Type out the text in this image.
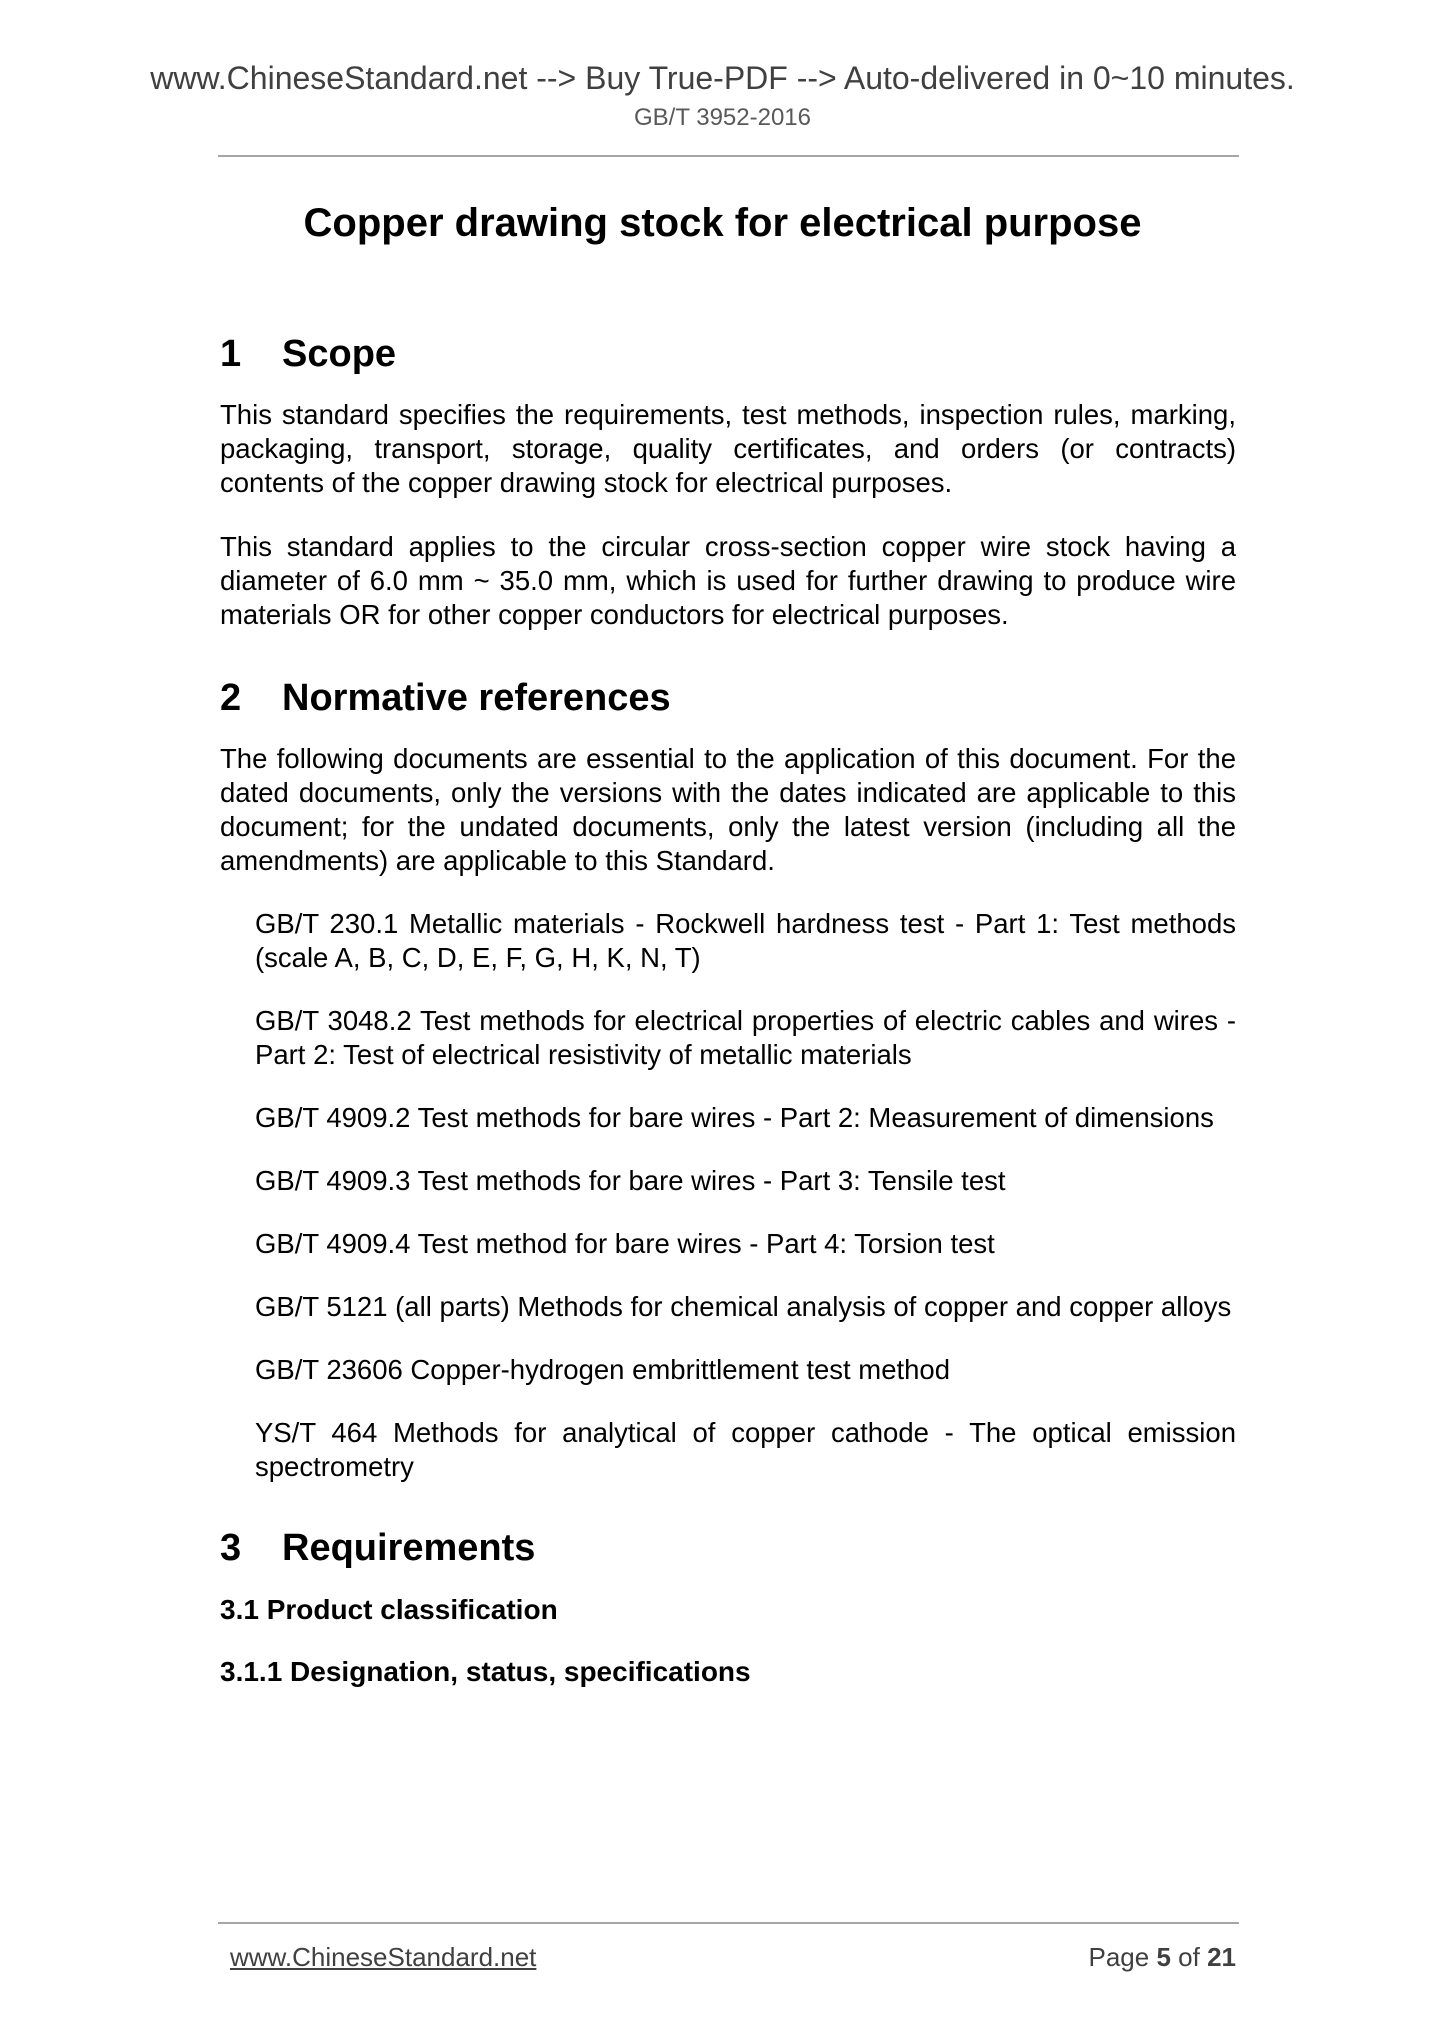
www.ChineseStandard.net --> Buy True-PDF --> Auto-delivered in 0~10 minutes.
GB/T 3952-2016
Copper drawing stock for electrical purpose
1	Scope

This standard specifies the requirements, test methods, inspection rules, marking, packaging, transport, storage, quality certificates, and orders (or contracts) contents of the copper drawing stock for electrical purposes.

This standard applies to the circular cross-section copper wire stock having a diameter of 6.0 mm ~ 35.0 mm, which is used for further drawing to produce wire materials OR for other copper conductors for electrical purposes.

2	Normative references

The following documents are essential to the application of this document. For the dated documents, only the versions with the dates indicated are applicable to this document; for the undated documents, only the latest version (including all the amendments) are applicable to this Standard.

GB/T 230.1 Metallic materials - Rockwell hardness test - Part 1: Test methods (scale A, B, C, D, E, F, G, H, K, N, T)

GB/T 3048.2 Test methods for electrical properties of electric cables and wires - Part 2: Test of electrical resistivity of metallic materials

GB/T 4909.2 Test methods for bare wires - Part 2: Measurement of dimensions

GB/T 4909.3 Test methods for bare wires - Part 3: Tensile test

GB/T 4909.4 Test method for bare wires - Part 4: Torsion test

GB/T 5121 (all parts) Methods for chemical analysis of copper and copper alloys

GB/T 23606 Copper-hydrogen embrittlement test method

YS/T 464 Methods for analytical of copper cathode - The optical emission spectrometry

3	Requirements
3.1 Product classification
3.1.1 Designation, status, specifications
www.ChineseStandard.net	Page 5 of 21
